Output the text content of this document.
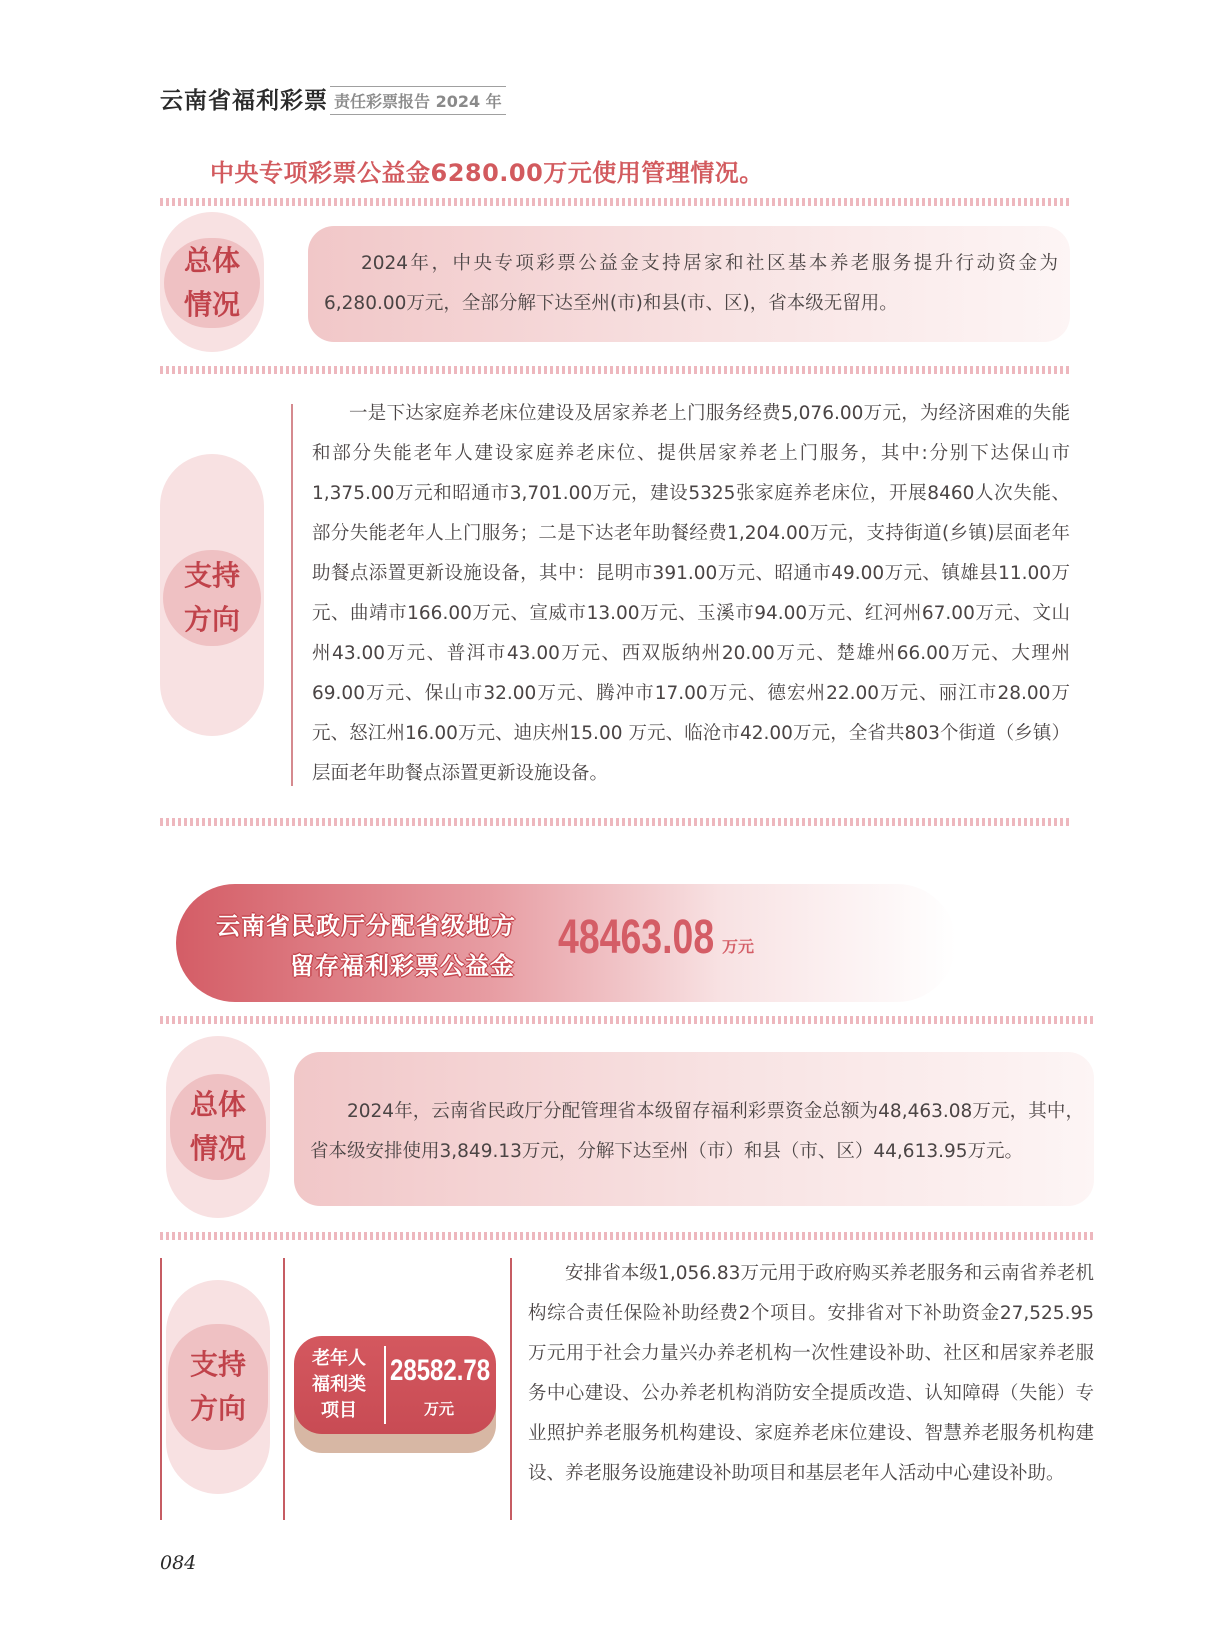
云南省福利彩票 责任彩票报告 2024 年
中央专项彩票公益金6280.00万元使用管理情况。
总体
情况
2024年，中央专项彩票公益金支持居家和社区基本养老服务提升行动资金为6,280.00万元，全部分解下达至州(市)和县(市、区)，省本级无留用。
支持
方向
一是下达家庭养老床位建设及居家养老上门服务经费5,076.00万元，为经济困难的失能和部分失能老年人建设家庭养老床位、提供居家养老上门服务，其中:分别下达保山市1,375.00万元和昭通市3,701.00万元，建设5325张家庭养老床位，开展8460人次失能、部分失能老年人上门服务；二是下达老年助餐经费1,204.00万元，支持街道(乡镇)层面老年助餐点添置更新设施设备，其中：昆明市391.00万元、昭通市49.00万元、镇雄县11.00万元、曲靖市166.00万元、宣威市13.00万元、玉溪市94.00万元、红河州67.00万元、文山州43.00万元、普洱市43.00万元、西双版纳州20.00万元、楚雄州66.00万元、大理州69.00万元、保山市32.00万元、腾冲市17.00万元、德宏州22.00万元、丽江市28.00万元、怒江州16.00万元、迪庆州15.00 万元、临沧市42.00万元，全省共803个街道（乡镇）层面老年助餐点添置更新设施设备。
云南省民政厅分配省级地方
留存福利彩票公益金
48463.08 万元
总体
情况
2024年，云南省民政厅分配管理省本级留存福利彩票资金总额为48,463.08万元，其中，省本级安排使用3,849.13万元，分解下达至州（市）和县（市、区）44,613.95万元。
支持
方向
老年人
福利类
项目
28582.78
万元
安排省本级1,056.83万元用于政府购买养老服务和云南省养老机构综合责任保险补助经费2个项目。安排省对下补助资金27,525.95万元用于社会力量兴办养老机构一次性建设补助、社区和居家养老服务中心建设、公办养老机构消防安全提质改造、认知障碍（失能）专业照护养老服务机构建设、家庭养老床位建设、智慧养老服务机构建设、养老服务设施建设补助项目和基层老年人活动中心建设补助。
084
